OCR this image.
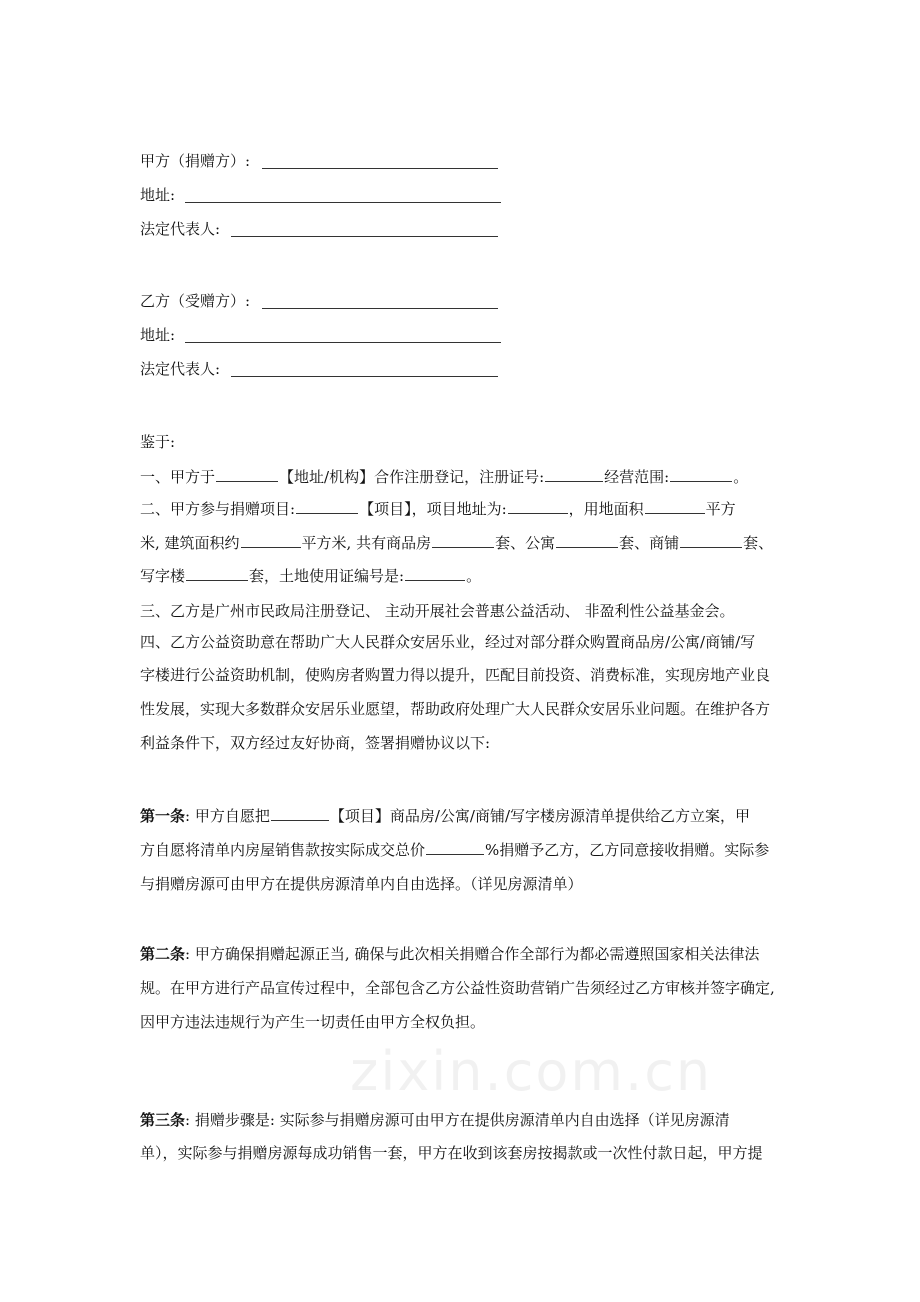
甲方（捐赠方）:
地址:
法定代表人:
乙方（受赠方）:
地址:
法定代表人:
鉴于:
一、甲方于	【地址/机构】合作注册登记，注册证号:	经营范围:	。
二、甲方参与捐赠项目:	【项目】，项目地址为:	，用地面积	平方
米, 建筑面积约	平方米, 共有商品房	套、公寓	套、商铺	套、
写字楼	套，土地使用证编号是:	。
三、乙方是广州市民政局注册登记、 主动开展社会普惠公益活动、 非盈利性公益基金会。
四、乙方公益资助意在帮助广大人民群众安居乐业，经过对部分群众购置商品房/公寓/商铺/写
字楼进行公益资助机制，使购房者购置力得以提升，匹配目前投资、消费标准，实现房地产业良
性发展，实现大多数群众安居乐业愿望，帮助政府处理广大人民群众安居乐业问题。在维护各方
利益条件下，双方经过友好协商，签署捐赠协议以下:
第一条: 甲方自愿把	【项目】商品房/公寓/商铺/写字楼房源清单提供给乙方立案，甲
方自愿将清单内房屋销售款按实际成交总价	%捐赠予乙方，乙方同意接收捐赠。实际参
与捐赠房源可由甲方在提供房源清单内自由选择。（详见房源清单）
第二条: 甲方确保捐赠起源正当, 确保与此次相关捐赠合作全部行为都必需遵照国家相关法律法
规。在甲方进行产品宣传过程中，全部包含乙方公益性资助营销广告须经过乙方审核并签字确定,
因甲方违法违规行为产生一切责任由甲方全权负担。
第三条: 捐赠步骤是: 实际参与捐赠房源可由甲方在提供房源清单内自由选择（详见房源清
单），实际参与捐赠房源每成功销售一套，甲方在收到该套房按揭款或一次性付款日起，甲方提
zixin.com.cn
